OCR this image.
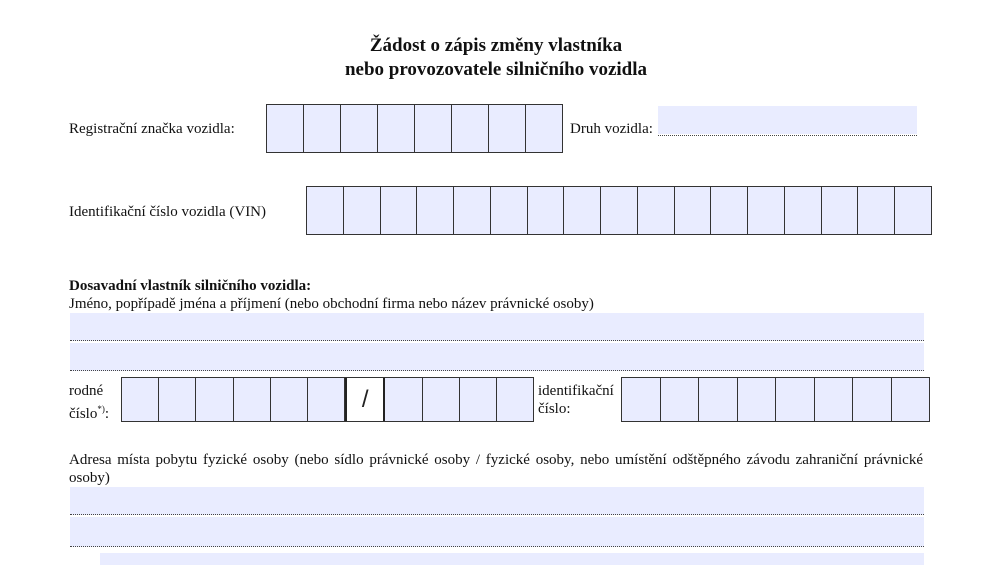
Žádost o zápis změny vlastníka
nebo provozovatele silničního vozidla
Registrační značka vozidla:	Druh vozidla:
Identifikační číslo vozidla (VIN)
Dosavadní vlastník silničního vozidla:
Jméno, popřípadě jména a příjmení (nebo obchodní firma nebo název právnické osoby)
rodné
číslo*):
/	identifikační
číslo:
Adresa místa pobytu fyzické osoby (nebo sídlo právnické osoby / fyzické osoby, nebo umístění odštěpného závodu zahraniční právnické
osoby)
